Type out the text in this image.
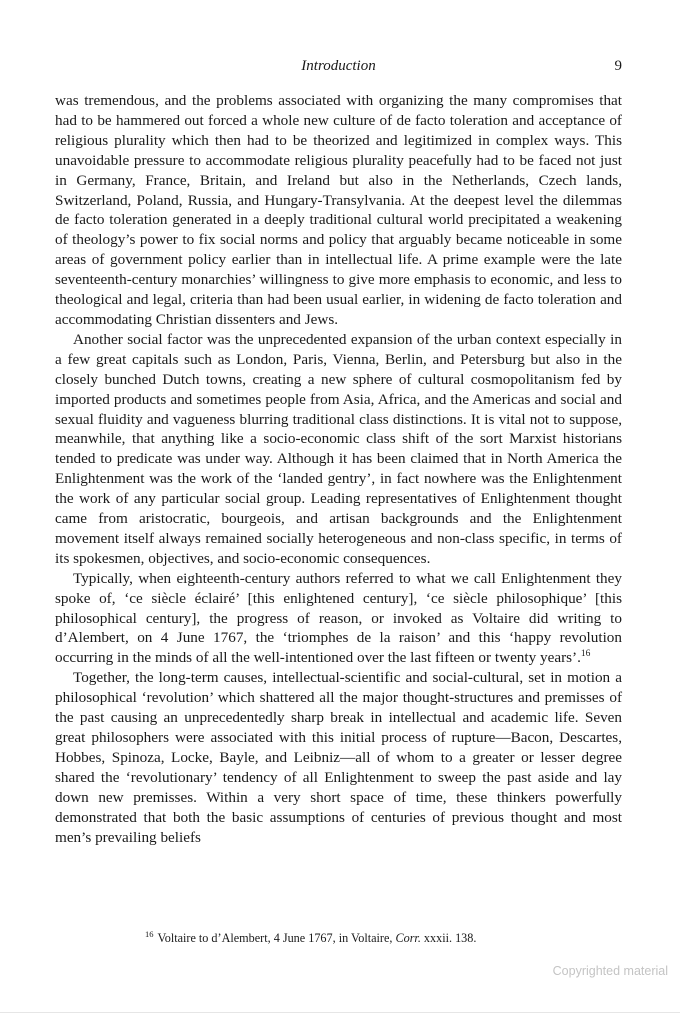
Introduction	9

was tremendous, and the problems associated with organizing the many compromises that had to be hammered out forced a whole new culture of de facto toleration and acceptance of religious plurality which then had to be theorized and legitimized in complex ways. This unavoidable pressure to accommodate religious plurality peacefully had to be faced not just in Germany, France, Britain, and Ireland but also in the Netherlands, Czech lands, Switzerland, Poland, Russia, and Hungary-Transylvania. At the deepest level the dilemmas de facto toleration generated in a deeply traditional cultural world precipitated a weakening of theology’s power to fix social norms and policy that arguably became noticeable in some areas of government policy earlier than in intellectual life. A prime example were the late seventeenth-century monarchies’ willingness to give more emphasis to economic, and less to theological and legal, criteria than had been usual earlier, in widening de facto toleration and accommodating Christian dissenters and Jews.

Another social factor was the unprecedented expansion of the urban context especially in a few great capitals such as London, Paris, Vienna, Berlin, and Petersburg but also in the closely bunched Dutch towns, creating a new sphere of cultural cosmopolitanism fed by imported products and sometimes people from Asia, Africa, and the Americas and social and sexual fluidity and vagueness blurring traditional class distinctions. It is vital not to suppose, meanwhile, that anything like a socio-economic class shift of the sort Marxist historians tended to predicate was under way. Although it has been claimed that in North America the Enlightenment was the work of the ‘landed gentry’, in fact nowhere was the Enlightenment the work of any particular social group. Leading representatives of Enlightenment thought came from aristocratic, bourgeois, and artisan backgrounds and the Enlightenment movement itself always remained socially heterogeneous and non-class specific, in terms of its spokesmen, objectives, and socio-economic consequences.

Typically, when eighteenth-century authors referred to what we call Enlightenment they spoke of, ‘ce siècle éclairé’ [this enlightened century], ‘ce siècle philosophique’ [this philosophical century], the progress of reason, or invoked as Voltaire did writing to d’Alembert, on 4 June 1767, the ‘triomphes de la raison’ and this ‘happy revolution occurring in the minds of all the well-intentioned over the last fifteen or twenty years’.$^{16}$

Together, the long-term causes, intellectual-scientific and social-cultural, set in motion a philosophical ‘revolution’ which shattered all the major thought-structures and premisses of the past causing an unprecedentedly sharp break in intellectual and academic life. Seven great philosophers were associated with this initial process of rupture—Bacon, Descartes, Hobbes, Spinoza, Locke, Bayle, and Leibniz—all of whom to a greater or lesser degree shared the ‘revolutionary’ tendency of all Enlightenment to sweep the past aside and lay down new premisses. Within a very short space of time, these thinkers powerfully demonstrated that both the basic assumptions of centuries of previous thought and most men’s prevailing beliefs

$^{16}$ Voltaire to d’Alembert, 4 June 1767, in Voltaire, Corr. xxxii. 138.
Copyrighted material
